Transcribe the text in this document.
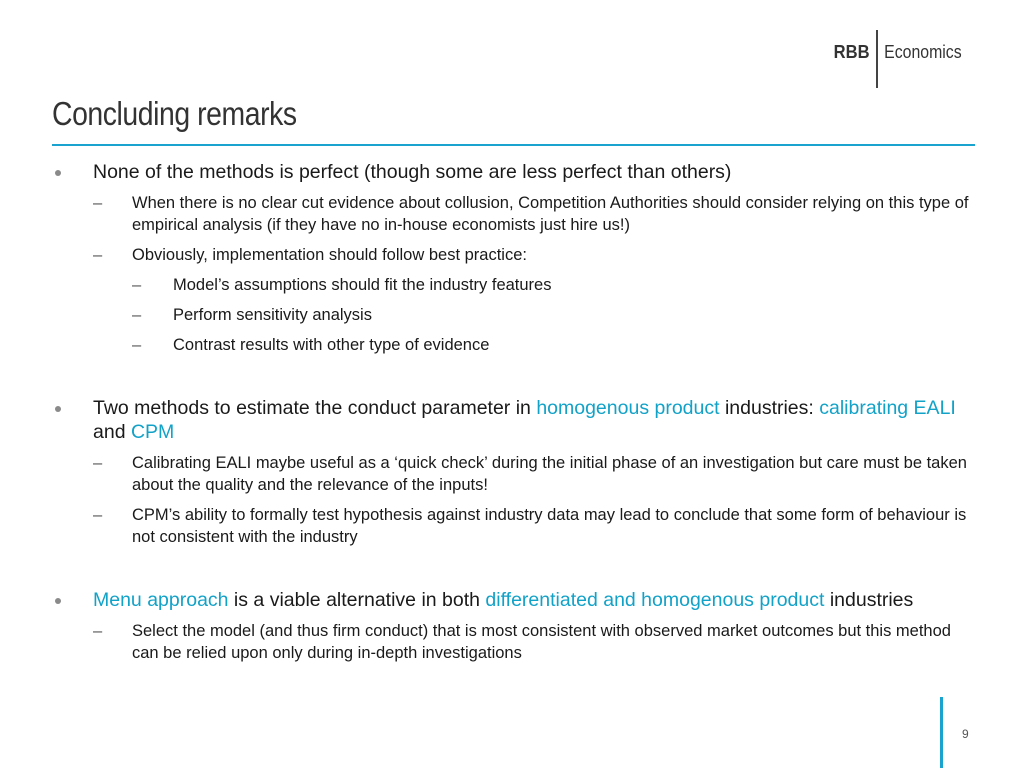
RBB Economics
Concluding remarks
None of the methods is perfect (though some are less perfect than others)
– When there is no clear cut evidence about collusion, Competition Authorities should consider relying on this type of empirical analysis (if they have no in-house economists just hire us!)
– Obviously, implementation should follow best practice:
– Model’s assumptions should fit the industry features
– Perform sensitivity analysis
– Contrast results with other type of evidence
Two methods to estimate the conduct parameter in homogenous product industries: calibrating EALI and CPM
– Calibrating EALI maybe useful as a ‘quick check’ during the initial phase of an investigation but care must be taken about the quality and the relevance of the inputs!
– CPM’s ability to formally test hypothesis against industry data may lead to conclude that some form of behaviour is not consistent with the industry
Menu approach is a viable alternative in both differentiated and homogenous product industries
– Select the model (and thus firm conduct) that is most consistent with observed market outcomes but this method can be relied upon only during in-depth investigations
9
